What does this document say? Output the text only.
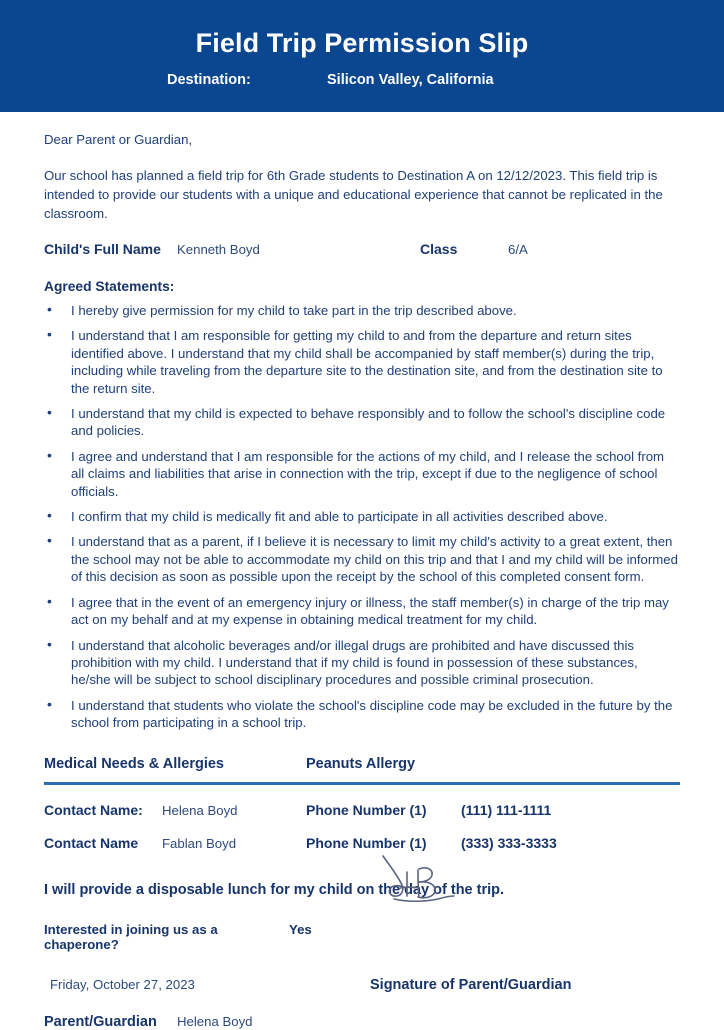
Field Trip Permission Slip
Destination:	Silicon Valley, California
Dear Parent or Guardian,
Our school has planned a field trip for 6th Grade students to Destination A on 12/12/2023. This field trip is intended to provide our students with a unique and educational experience that cannot be replicated in the classroom.
Child's Full Name	Kenneth Boyd	Class	6/A
Agreed Statements:
• I hereby give permission for my child to take part in the trip described above.
• I understand that I am responsible for getting my child to and from the departure and return sites identified above. I understand that my child shall be accompanied by staff member(s) during the trip, including while traveling from the departure site to the destination site, and from the destination site to the return site.
• I understand that my child is expected to behave responsibly and to follow the school's discipline code and policies.
• I agree and understand that I am responsible for the actions of my child, and I release the school from all claims and liabilities that arise in connection with the trip, except if due to the negligence of school officials.
• I confirm that my child is medically fit and able to participate in all activities described above.
• I understand that as a parent, if I believe it is necessary to limit my child's activity to a great extent, then the school may not be able to accommodate my child on this trip and that I and my child will be informed of this decision as soon as possible upon the receipt by the school of this completed consent form.
• I agree that in the event of an emergency injury or illness, the staff member(s) in charge of the trip may act on my behalf and at my expense in obtaining medical treatment for my child.
• I understand that alcoholic beverages and/or illegal drugs are prohibited and have discussed this prohibition with my child. I understand that if my child is found in possession of these substances, he/she will be subject to school disciplinary procedures and possible criminal prosecution.
• I understand that students who violate the school's discipline code may be excluded in the future by the school from participating in a school trip.
Medical Needs & Allergies	Peanuts Allergy
Contact Name:	Helena Boyd	Phone Number (1)	(111) 111-1111
Contact Name	Fablan Boyd	Phone Number (1)	(333) 333-3333
I will provide a disposable lunch for my child on the day of the trip.
Interested in joining us as a chaperone?
Yes
Friday, October 27, 2023	Signature of Parent/Guardian
Parent/Guardian	Helena Boyd
